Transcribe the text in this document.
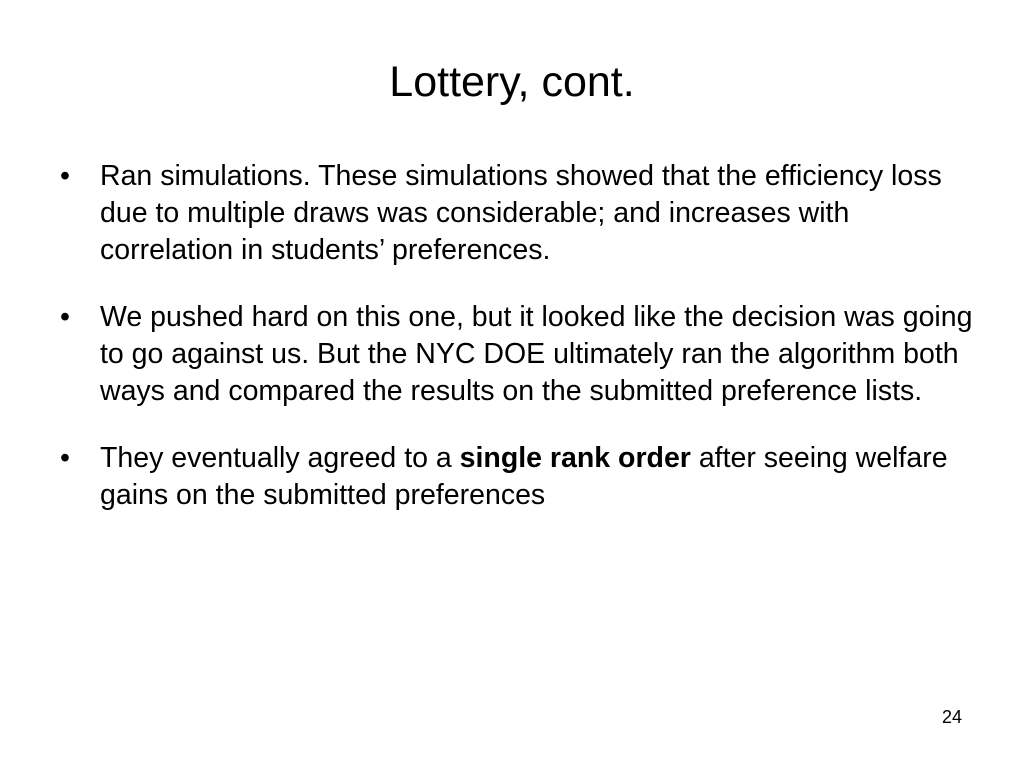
Lottery, cont.
•	Ran simulations. These simulations showed that the efficiency loss due to multiple draws was considerable; and increases with correlation in students’ preferences.
•	We pushed hard on this one, but it looked like the decision was going to go against us. But the NYC DOE ultimately ran the algorithm both ways and compared the results on the submitted preference lists.
•	They eventually agreed to a single rank order after seeing welfare gains on the submitted preferences
24
